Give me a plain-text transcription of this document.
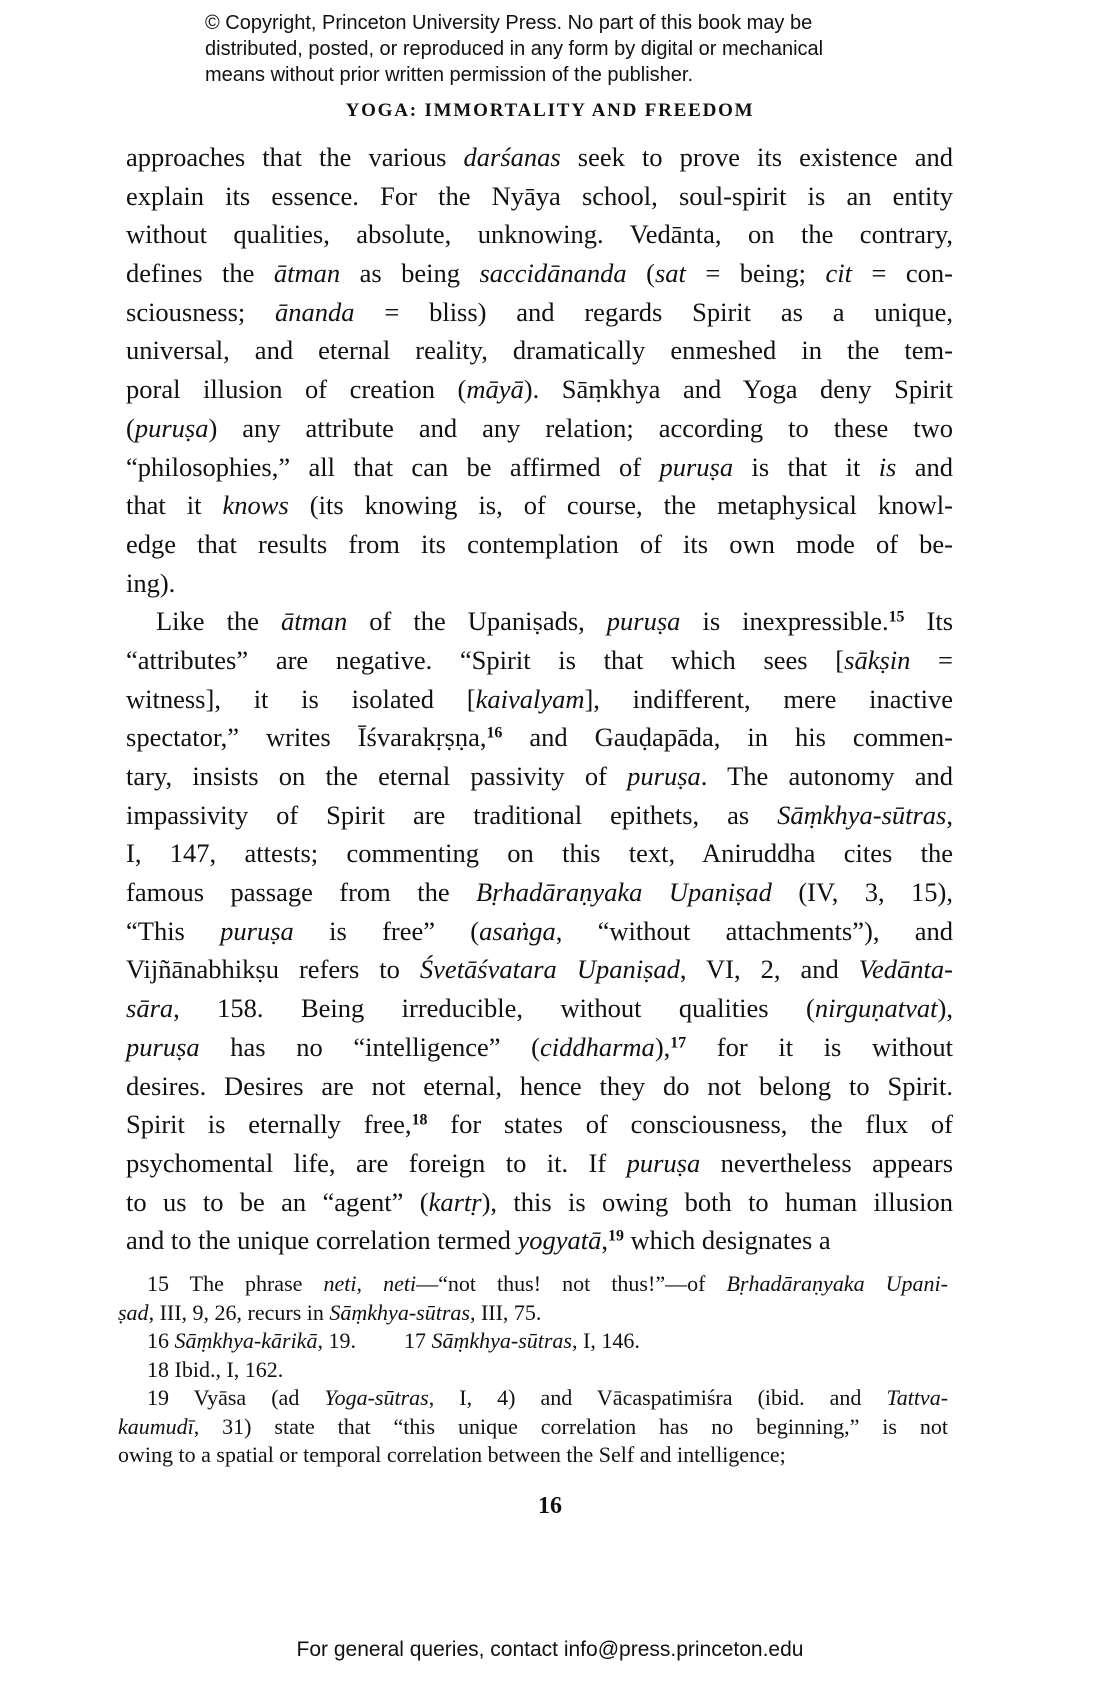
© Copyright, Princeton University Press. No part of this book may be
distributed, posted, or reproduced in any form by digital or mechanical
means without prior written permission of the publisher.
YOGA: IMMORTALITY AND FREEDOM
approaches that the various darśanas seek to prove its existence and
explain its essence. For the Nyāya school, soul-spirit is an entity
without qualities, absolute, unknowing. Vedānta, on the contrary,
defines the ātman as being saccidānanda (sat = being; cit = con-
sciousness; ānanda = bliss) and regards Spirit as a unique,
universal, and eternal reality, dramatically enmeshed in the tem-
poral illusion of creation (māyā). Sāṃkhya and Yoga deny Spirit
(puruṣa) any attribute and any relation; according to these two
“philosophies,” all that can be affirmed of puruṣa is that it is and
that it knows (its knowing is, of course, the metaphysical knowl-
edge that results from its contemplation of its own mode of be-
ing).
Like the ātman of the Upaniṣads, puruṣa is inexpressible.$^{15}$ Its
“attributes” are negative. “Spirit is that which sees [sākṣin =
witness], it is isolated [kaivalyam], indifferent, mere inactive
spectator,” writes Īśvarakṛṣṇa,$^{16}$ and Gauḍapāda, in his commen-
tary, insists on the eternal passivity of puruṣa. The autonomy and
impassivity of Spirit are traditional epithets, as Sāṃkhya-sūtras,
I, 147, attests; commenting on this text, Aniruddha cites the
famous passage from the Bṛhadāraṇyaka Upaniṣad (IV, 3, 15),
“This puruṣa is free” (asaṅga, “without attachments”), and
Vijñānabhikṣu refers to Śvetāśvatara Upaniṣad, VI, 2, and Vedānta-
sāra, 158. Being irreducible, without qualities (nirguṇatvat),
puruṣa has no “intelligence” (ciddharma),$^{17}$ for it is without
desires. Desires are not eternal, hence they do not belong to Spirit.
Spirit is eternally free,$^{18}$ for states of consciousness, the flux of
psychomental life, are foreign to it. If puruṣa nevertheless appears
to us to be an “agent” (kartṛ), this is owing both to human illusion
and to the unique correlation termed yogyatā,$^{19}$ which designates a
15 The phrase neti, neti—“not thus! not thus!”—of Bṛhadāraṇyaka Upani-
ṣad, III, 9, 26, recurs in Sāṃkhya-sūtras, III, 75.
16 Sāṃkhya-kārikā, 19. 17 Sāṃkhya-sūtras, I, 146.
18 Ibid., I, 162.
19 Vyāsa (ad Yoga-sūtras, I, 4) and Vācaspatimiśra (ibid. and Tattva-
kaumudī, 31) state that “this unique correlation has no beginning,” is not
owing to a spatial or temporal correlation between the Self and intelligence;
16
For general queries, contact info@press.princeton.edu
